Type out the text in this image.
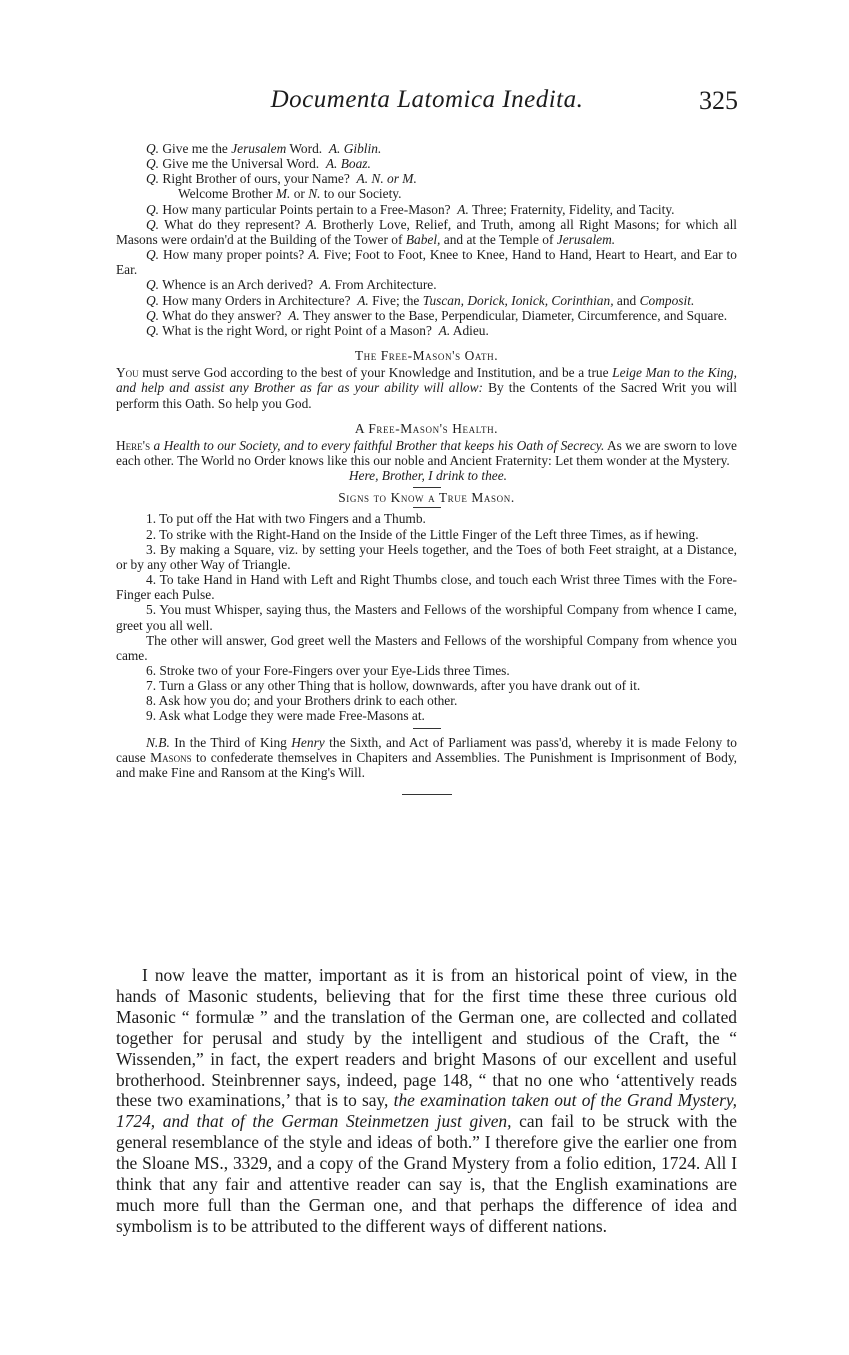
Documenta Latomica Inedita.	325

Q. Give me the Jerusalem Word. A. Giblin.

Q. Give me the Universal Word. A. Boaz.

Q. Right Brother of ours, your Name? A. N. or M.

Welcome Brother M. or N. to our Society.

Q. How many particular Points pertain to a Free-Mason? A. Three; Fraternity, Fidelity, and Tacity.

Q. What do they represent? A. Brotherly Love, Relief, and Truth, among all Right Masons; for which all Masons were ordain'd at the Building of the Tower of Babel, and at the Temple of Jerusalem.

Q. How many proper points? A. Five; Foot to Foot, Knee to Knee, Hand to Hand, Heart to Heart, and Ear to Ear.

Q. Whence is an Arch derived? A. From Architecture.

Q. How many Orders in Architecture? A. Five; the Tuscan, Dorick, Ionick, Corinthian, and Composit.

Q. What do they answer? A. They answer to the Base, Perpendicular, Diameter, Circumference, and Square.

Q. What is the right Word, or right Point of a Mason? A. Adieu.

The Free-Mason's Oath.

You must serve God according to the best of your Knowledge and Institution, and be a true Leige Man to the King, and help and assist any Brother as far as your ability will allow: By the Contents of the Sacred Writ you will perform this Oath. So help you God.

A Free-Mason's Health.

Here's a Health to our Society, and to every faithful Brother that keeps his Oath of Secrecy. As we are sworn to love each other. The World no Order knows like this our noble and Ancient Fraternity: Let them wonder at the Mystery.

Here, Brother, I drink to thee.

Signs to Know a True Mason.

1. To put off the Hat with two Fingers and a Thumb.

2. To strike with the Right-Hand on the Inside of the Little Finger of the Left three Times, as if hewing.

3. By making a Square, viz. by setting your Heels together, and the Toes of both Feet straight, at a Distance, or by any other Way of Triangle.

4. To take Hand in Hand with Left and Right Thumbs close, and touch each Wrist three Times with the Fore-Finger each Pulse.

5. You must Whisper, saying thus, the Masters and Fellows of the worshipful Company from whence I came, greet you all well.

The other will answer, God greet well the Masters and Fellows of the worshipful Company from whence you came.

6. Stroke two of your Fore-Fingers over your Eye-Lids three Times.

7. Turn a Glass or any other Thing that is hollow, downwards, after you have drank out of it.

8. Ask how you do; and your Brothers drink to each other.

9. Ask what Lodge they were made Free-Masons at.

N.B. In the Third of King Henry the Sixth, and Act of Parliament was pass'd, whereby it is made Felony to cause Masons to confederate themselves in Chapiters and Assemblies. The Punishment is Imprisonment of Body, and make Fine and Ransom at the King's Will.

I now leave the matter, important as it is from an historical point of view, in the hands of Masonic students, believing that for the first time these three curious old Masonic “ formulæ ” and the translation of the German one, are collected and collated together for perusal and study by the intelligent and studious of the Craft, the “ Wissenden,” in fact, the expert readers and bright Masons of our excellent and useful brotherhood. Steinbrenner says, indeed, page 148, “ that no one who ‘attentively reads these two examinations,’ that is to say, the examination taken out of the Grand Mystery, 1724, and that of the German Steinmetzen just given, can fail to be struck with the general resemblance of the style and ideas of both.” I therefore give the earlier one from the Sloane MS., 3329, and a copy of the Grand Mystery from a folio edition, 1724. All I think that any fair and attentive reader can say is, that the English examinations are much more full than the German one, and that perhaps the difference of idea and symbolism is to be attributed to the different ways of different nations.
